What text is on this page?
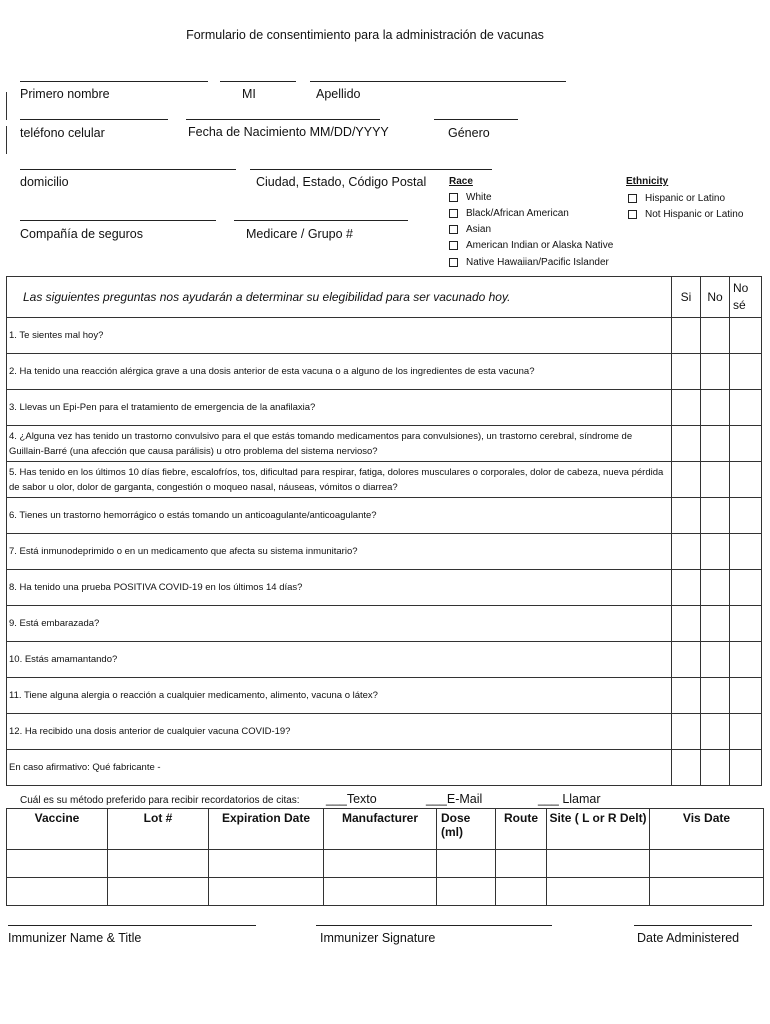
Formulario de consentimiento para la administración de vacunas
Primero nombre	MI	Apellido
teléfono celular	Fecha de Nacimiento MM/DD/YYYY	Género
domicilio	Ciudad, Estado, Código Postal
Compañía de seguros	Medicare / Grupo #
Race
White
Black/African American
Asian
American Indian or Alaska Native
Native Hawaiian/Pacific Islander
Ethnicity
Hispanic or Latino
Not Hispanic or Latino
Las siguientes preguntas nos ayudarán a determinar su elegibilidad para ser vacunado hoy.	Si	No	No sé
1. Te sientes mal hoy?			
2. Ha tenido una reacción alérgica grave a una dosis anterior de esta vacuna o a alguno de los ingredientes de esta vacuna?			
3. Llevas un Epi-Pen para el tratamiento de emergencia de la anafilaxia?			
4. ¿Alguna vez has tenido un trastorno convulsivo para el que estás tomando medicamentos para convulsiones), un trastorno cerebral, síndrome de Guillain-Barré (una afección que causa parálisis) u otro problema del sistema nervioso?			
5. Has tenido en los últimos 10 días fiebre, escalofríos, tos, dificultad para respirar, fatiga, dolores musculares o corporales, dolor de cabeza, nueva pérdida de sabor u olor, dolor de garganta, congestión o moqueo nasal, náuseas, vómitos o diarrea?			
6. Tienes un trastorno hemorrágico o estás tomando un anticoagulante/anticoagulante?			
7. Está inmunodeprimido o en un medicamento que afecta su sistema inmunitario?			
8. Ha tenido una prueba POSITIVA COVID-19 en los últimos 14 días?			
9. Está embarazada?			
10. Estás amamantando?			
11. Tiene alguna alergia o reacción a cualquier medicamento, alimento, vacuna o látex?			
12. Ha recibido una dosis anterior de cualquier vacuna COVID-19?			
En caso afirmativo: Qué fabricante -			
Cuál es su método preferido para recibir recordatorios de citas: ___Texto	___E-Mail	___ Llamar
Vaccine	Lot #	Expiration Date	Manufacturer	Dose (ml)	Route	Site ( L or R Delt)	Vis Date

Immunizer Name & Title	Immunizer Signature	Date Administered
